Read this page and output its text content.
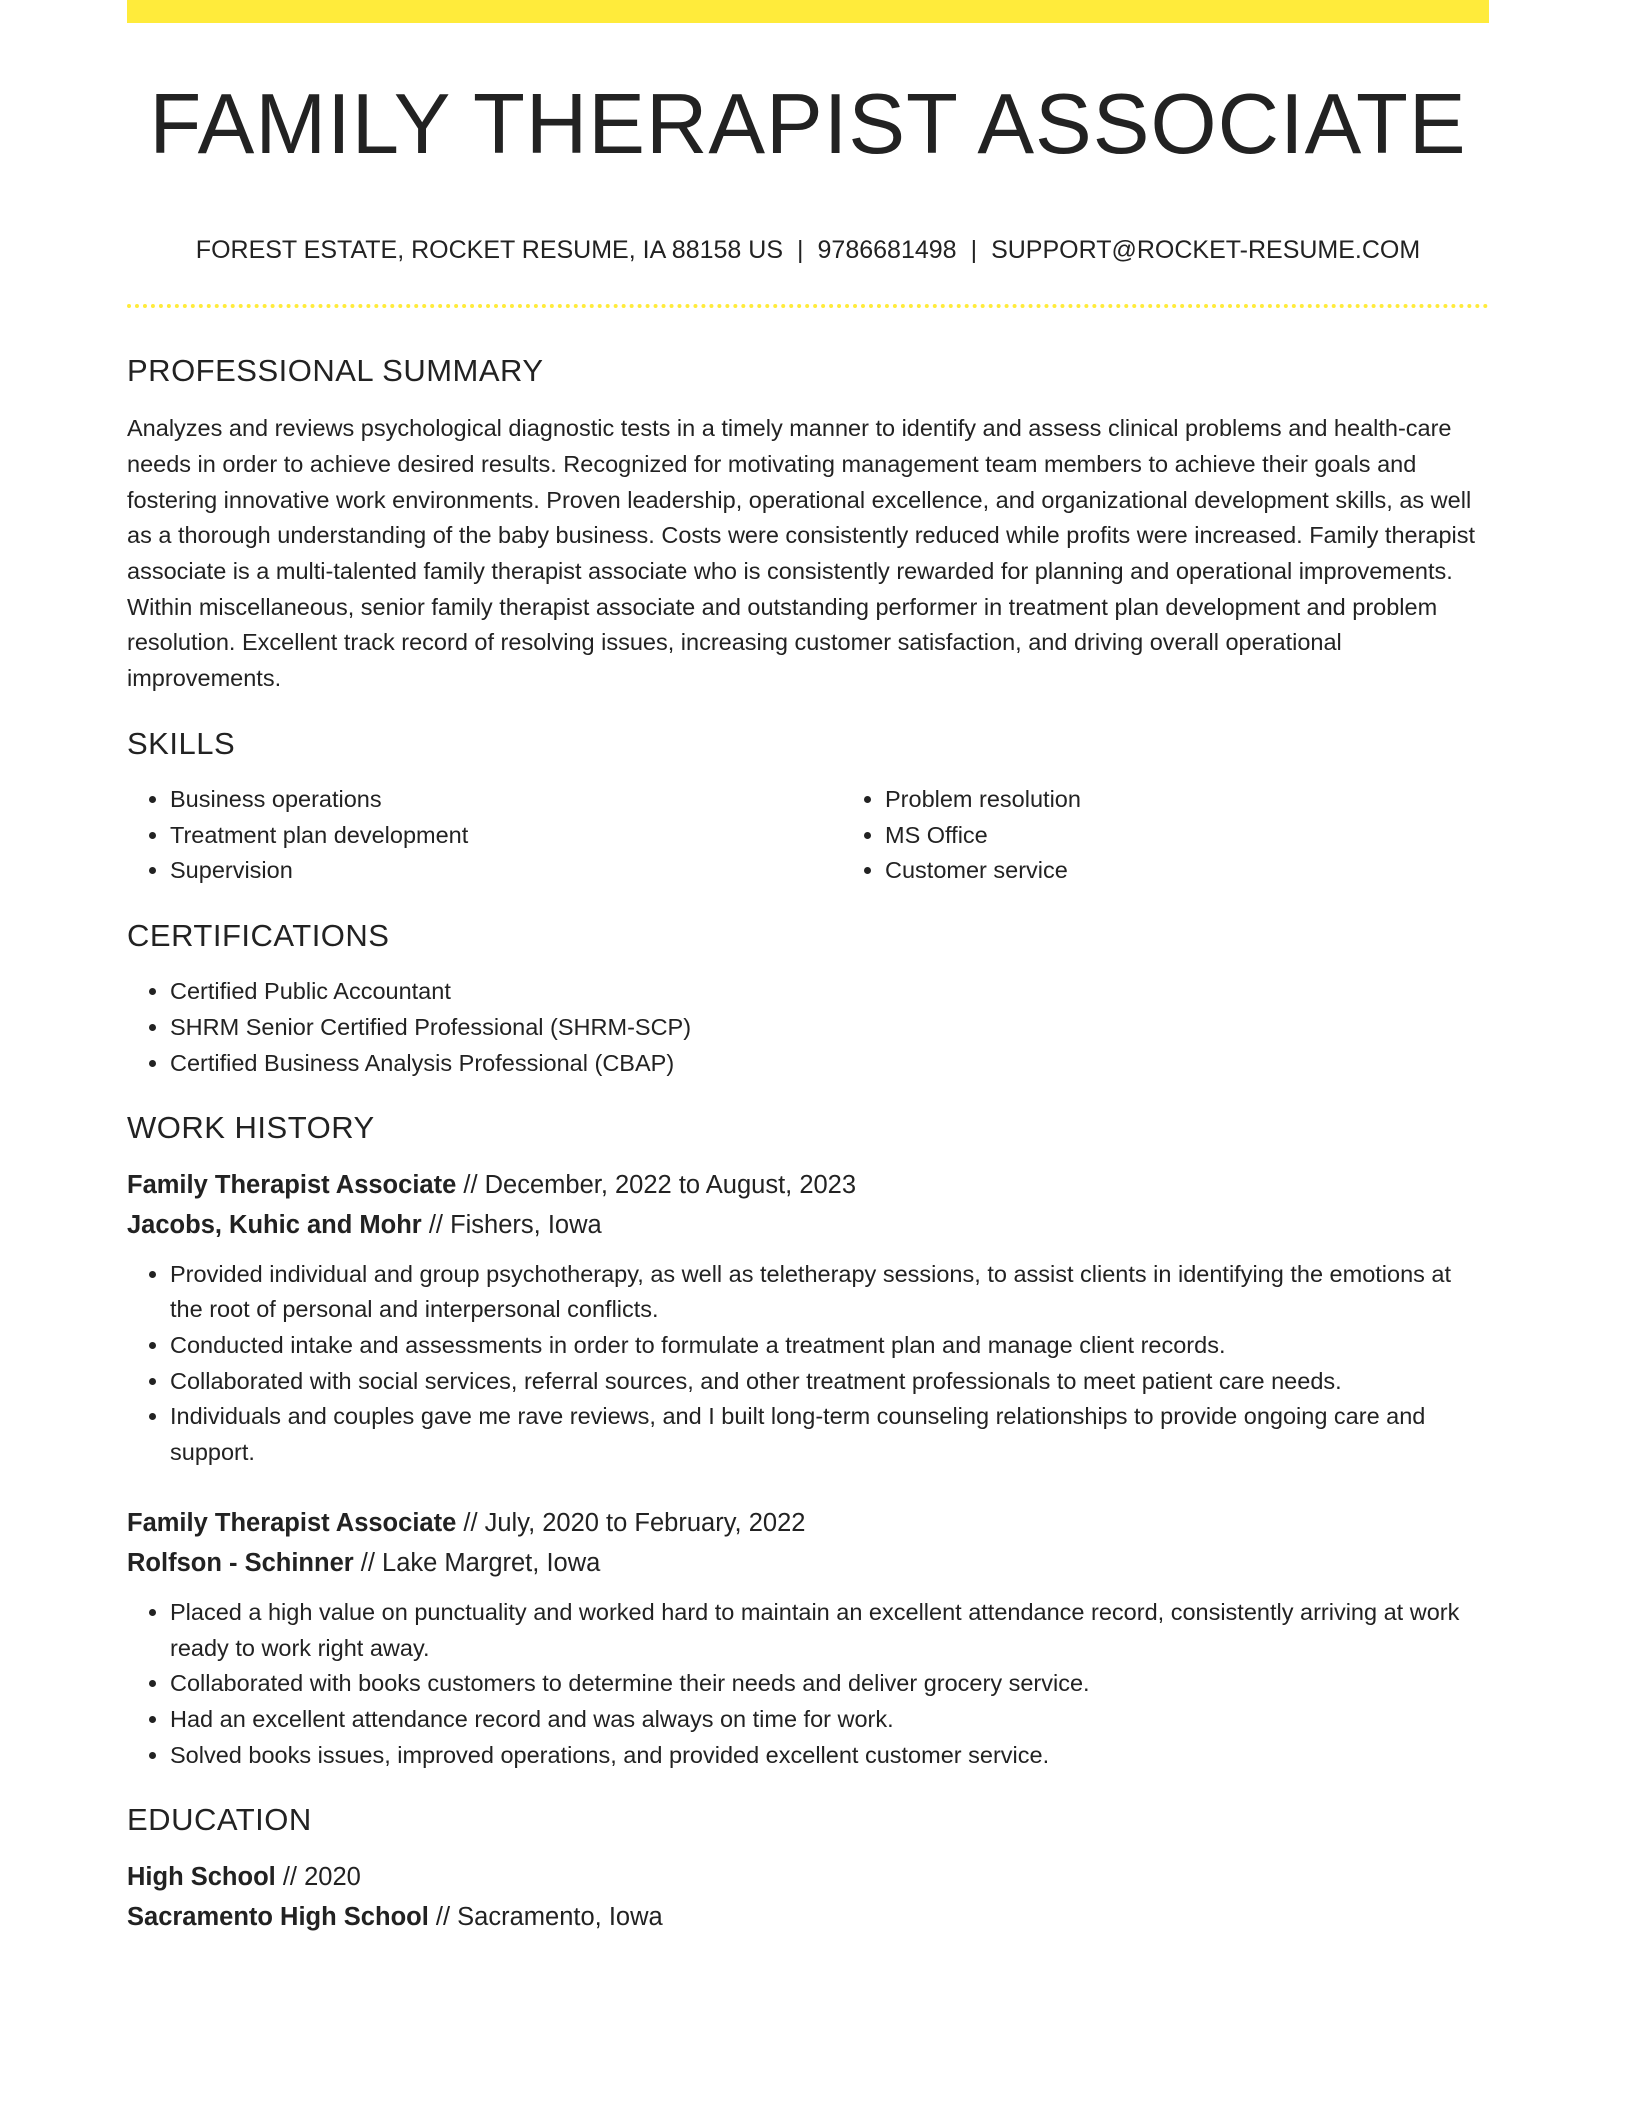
FAMILY THERAPIST ASSOCIATE
FOREST ESTATE, ROCKET RESUME, IA 88158 US | 9786681498 | SUPPORT@ROCKET-RESUME.COM
PROFESSIONAL SUMMARY

Analyzes and reviews psychological diagnostic tests in a timely manner to identify and assess clinical problems and health-care needs in order to achieve desired results. Recognized for motivating management team members to achieve their goals and fostering innovative work environments. Proven leadership, operational excellence, and organizational development skills, as well as a thorough understanding of the baby business. Costs were consistently reduced while profits were increased. Family therapist associate is a multi-talented family therapist associate who is consistently rewarded for planning and operational improvements. Within miscellaneous, senior family therapist associate and outstanding performer in treatment plan development and problem resolution. Excellent track record of resolving issues, increasing customer satisfaction, and driving overall operational improvements.

SKILLS
• Business operations
• Treatment plan development
• Supervision
• Problem resolution
• MS Office
• Customer service
CERTIFICATIONS
• Certified Public Accountant
• SHRM Senior Certified Professional (SHRM-SCP)
• Certified Business Analysis Professional (CBAP)
WORK HISTORY

Family Therapist Associate // December, 2022 to August, 2023

Jacobs, Kuhic and Mohr // Fishers, Iowa

• Provided individual and group psychotherapy, as well as teletherapy sessions, to assist clients in identifying the emotions at the root of personal and interpersonal conflicts.
• Conducted intake and assessments in order to formulate a treatment plan and manage client records.
• Collaborated with social services, referral sources, and other treatment professionals to meet patient care needs.
• Individuals and couples gave me rave reviews, and I built long-term counseling relationships to provide ongoing care and support.

Family Therapist Associate // July, 2020 to February, 2022

Rolfson - Schinner // Lake Margret, Iowa

• Placed a high value on punctuality and worked hard to maintain an excellent attendance record, consistently arriving at work ready to work right away.
• Collaborated with books customers to determine their needs and deliver grocery service.
• Had an excellent attendance record and was always on time for work.
• Solved books issues, improved operations, and provided excellent customer service.
EDUCATION

High School // 2020

Sacramento High School // Sacramento, Iowa
